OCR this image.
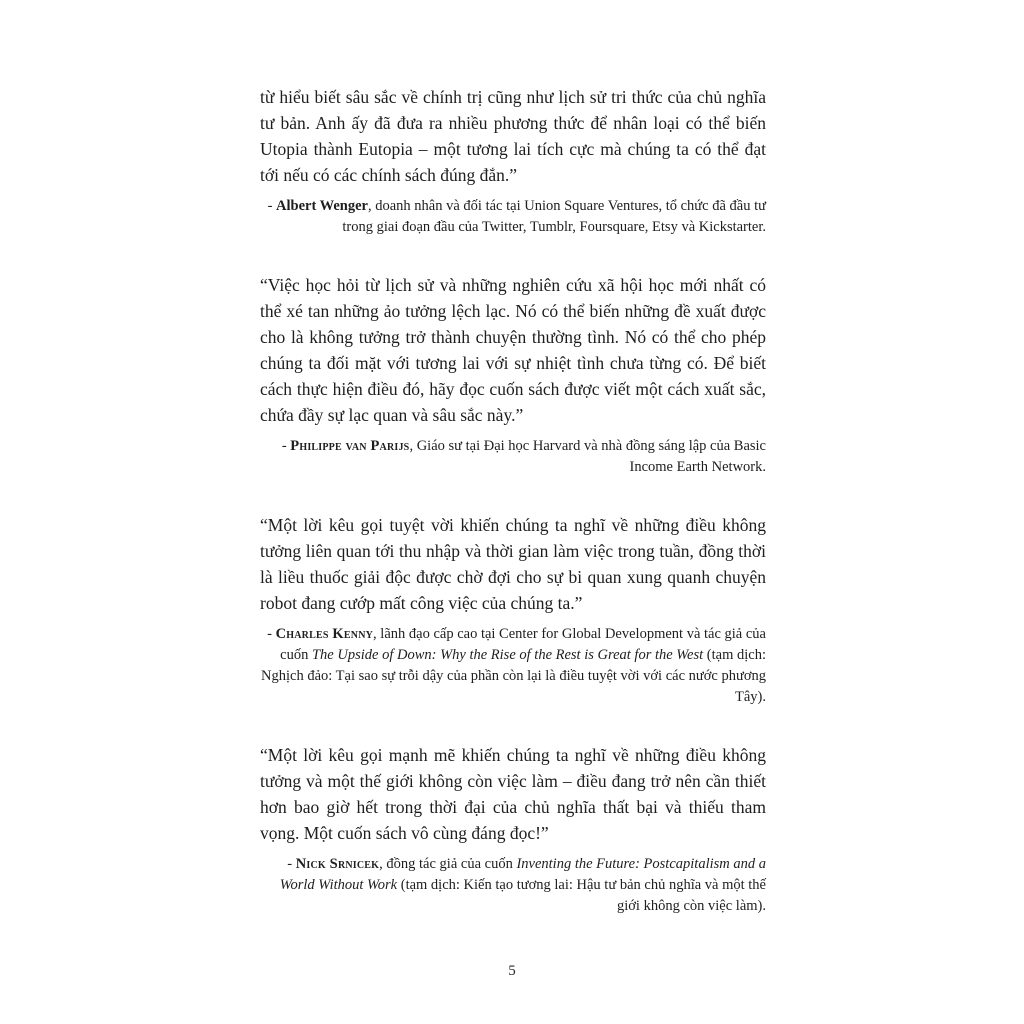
từ hiểu biết sâu sắc về chính trị cũng như lịch sử tri thức của chủ nghĩa tư bản. Anh ấy đã đưa ra nhiều phương thức để nhân loại có thể biến Utopia thành Eutopia – một tương lai tích cực mà chúng ta có thể đạt tới nếu có các chính sách đúng đắn.”

- Albert Wenger, doanh nhân và đối tác tại Union Square Ventures, tổ chức đã đầu tư trong giai đoạn đầu của Twitter, Tumblr, Foursquare, Etsy và Kickstarter.

“Việc học hỏi từ lịch sử và những nghiên cứu xã hội học mới nhất có thể xé tan những ảo tưởng lệch lạc. Nó có thể biến những đề xuất được cho là không tưởng trở thành chuyện thường tình. Nó có thể cho phép chúng ta đối mặt với tương lai với sự nhiệt tình chưa từng có. Để biết cách thực hiện điều đó, hãy đọc cuốn sách được viết một cách xuất sắc, chứa đầy sự lạc quan và sâu sắc này.”

- Philippe van Parijs, Giáo sư tại Đại học Harvard và nhà đồng sáng lập của Basic Income Earth Network.

“Một lời kêu gọi tuyệt vời khiến chúng ta nghĩ về những điều không tưởng liên quan tới thu nhập và thời gian làm việc trong tuần, đồng thời là liều thuốc giải độc được chờ đợi cho sự bi quan xung quanh chuyện robot đang cướp mất công việc của chúng ta.”

- Charles Kenny, lãnh đạo cấp cao tại Center for Global Development và tác giả của cuốn The Upside of Down: Why the Rise of the Rest is Great for the West (tạm dịch: Nghịch đảo: Tại sao sự trỗi dậy của phần còn lại là điều tuyệt vời với các nước phương Tây).

“Một lời kêu gọi mạnh mẽ khiến chúng ta nghĩ về những điều không tưởng và một thế giới không còn việc làm – điều đang trở nên cần thiết hơn bao giờ hết trong thời đại của chủ nghĩa thất bại và thiếu tham vọng. Một cuốn sách vô cùng đáng đọc!”

- Nick Srnicek, đồng tác giả của cuốn Inventing the Future: Postcapitalism and a World Without Work (tạm dịch: Kiến tạo tương lai: Hậu tư bản chủ nghĩa và một thế giới không còn việc làm).

5
